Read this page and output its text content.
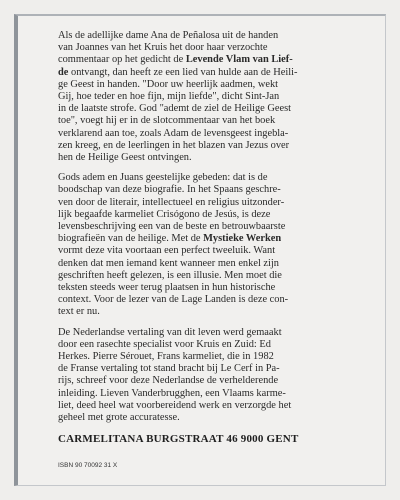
Als de adellijke dame Ana de Peñalosa uit de handen
van Joannes van het Kruis het door haar verzochte
commentaar op het gedicht de Levende Vlam van Lief-
de ontvangt, dan heeft ze een lied van hulde aan de Heili-
ge Geest in handen. "Door uw heerlijk aadmen, wekt
Gij, hoe teder en hoe fijn, mijn liefde", dicht Sint-Jan
in de laatste strofe. God "ademt de ziel de Heilige Geest
toe", voegt hij er in de slotcommentaar van het boek
verklarend aan toe, zoals Adam de levensgeest ingebla-
zen kreeg, en de leerlingen in het blazen van Jezus over
hen de Heilige Geest ontvingen.
Gods adem en Juans geestelijke gebeden: dat is de
boodschap van deze biografie. In het Spaans geschre-
ven door de literair, intellectueel en religius uitzonder-
lijk begaafde karmeliet Crisógono de Jesús, is deze
levensbeschrijving een van de beste en betrouwbaarste
biografieën van de heilige. Met de Mystieke Werken
vormt deze vita voortaan een perfect tweeluik. Want
denken dat men iemand kent wanneer men enkel zijn
geschriften heeft gelezen, is een illusie. Men moet die
teksten steeds weer terug plaatsen in hun historische
context. Voor de lezer van de Lage Landen is deze con-
text er nu.
De Nederlandse vertaling van dit leven werd gemaakt
door een rasechte specialist voor Kruis en Zuid: Ed
Herkes. Pierre Sérouet, Frans karmeliet, die in 1982
de Franse vertaling tot stand bracht bij Le Cerf in Pa-
rijs, schreef voor deze Nederlandse de verhelderende
inleiding. Lieven Vanderbrugghen, een Vlaams karme-
liet, deed heel wat voorbereidend werk en verzorgde het
geheel met grote accuratesse.
CARMELITANA BURGSTRAAT 46 9000 GENT
ISBN 90 70092 31 X
